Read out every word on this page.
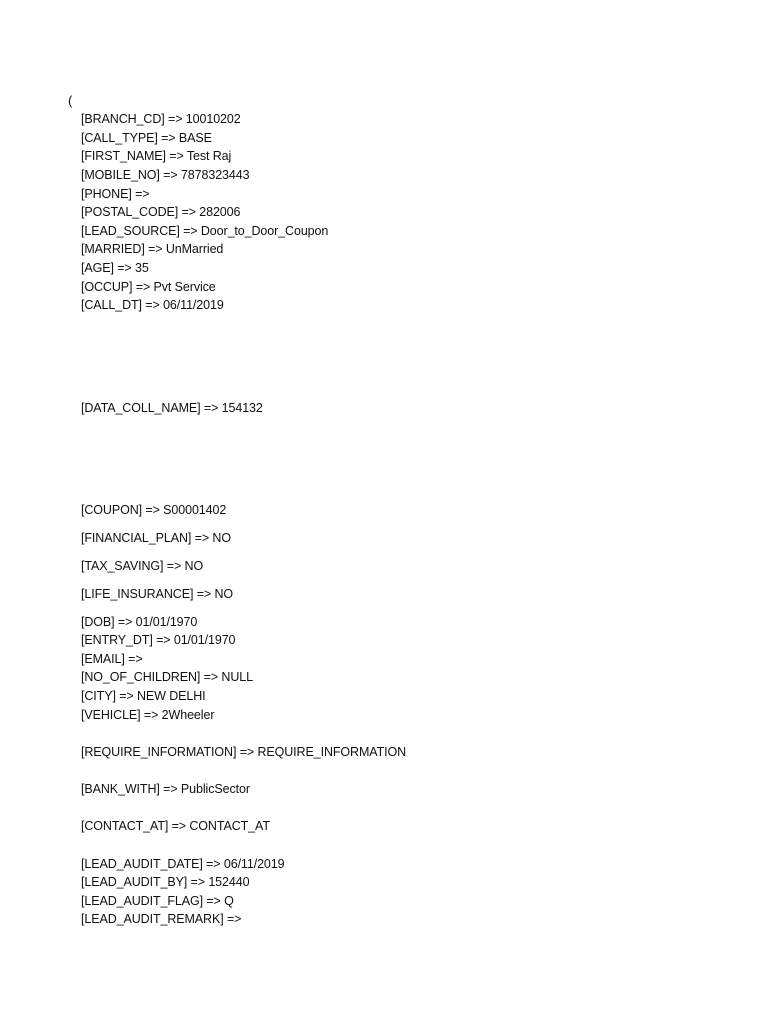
(
[BRANCH_CD] => 10010202
[CALL_TYPE] => BASE
[FIRST_NAME] => Test Raj
[MOBILE_NO] => 7878323443
[PHONE] =>
[POSTAL_CODE] => 282006
[LEAD_SOURCE] => Door_to_Door_Coupon
[MARRIED] => UnMarried
[AGE] => 35
[OCCUP] => Pvt Service
[CALL_DT] => 06/11/2019
[DATA_COLL_NAME] => 154132
[COUPON] => S00001402
[FINANCIAL_PLAN] => NO
[TAX_SAVING] => NO
[LIFE_INSURANCE] => NO
[DOB] => 01/01/1970
[ENTRY_DT] => 01/01/1970
[EMAIL] =>
[NO_OF_CHILDREN] => NULL
[CITY] => NEW DELHI
[VEHICLE] => 2Wheeler
[REQUIRE_INFORMATION] => REQUIRE_INFORMATION
[BANK_WITH] => PublicSector
[CONTACT_AT] => CONTACT_AT
[LEAD_AUDIT_DATE] => 06/11/2019
[LEAD_AUDIT_BY] => 152440
[LEAD_AUDIT_FLAG] => Q
[LEAD_AUDIT_REMARK] =>
